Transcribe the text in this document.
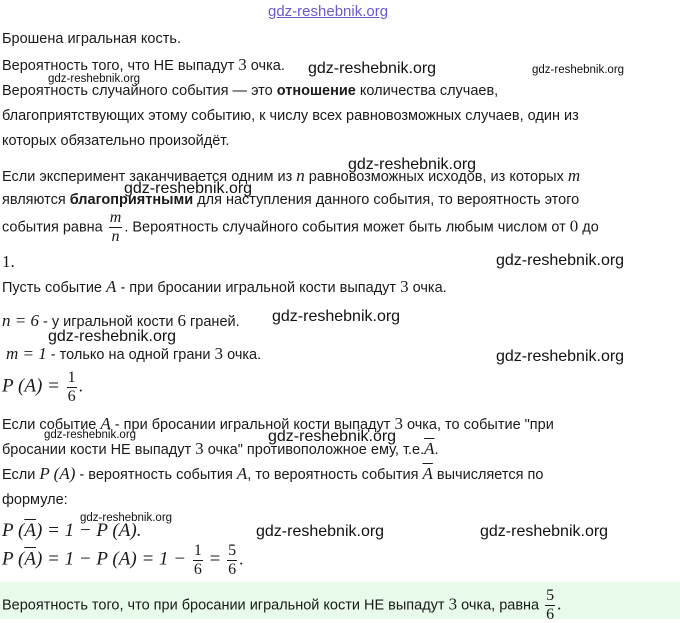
gdz-reshebnik.org
gdz-reshebnik.org	gdz-reshebnik.org
gdz-reshebnik.org
gdz-reshebnik.org
gdz-reshebnik.org
gdz-reshebnik.org
gdz-reshebnik.org
gdz-reshebnik.org
gdz-reshebnik.org
gdz-reshebnik.org	gdz-reshebnik.org
gdz-reshebnik.org
gdz-reshebnik.org	gdz-reshebnik.org
Брошена игральная кость.
Вероятность того, что НЕ выпадут 3 очка.
Вероятность случайного события — это отношение количества случаев,
благоприятствующих этому событию, к числу всех равновозможных случаев, один из
которых обязательно произойдёт.
Если эксперимент заканчивается одним из n равновозможных исходов, из которых m
являются благоприятными для наступления данного события, то вероятность этого
события равна $\frac{m}{n}$ . Вероятность случайного события может быть любым числом от 0 до
1.
Пусть событие A - при бросании игральной кости выпадут 3 очка.
n = 6 - у игральной кости 6 граней.
m = 1 - только на одной грани 3 очка.
P $(A) = \frac{1}{6}$ .
Если событие A - при бросании игральной кости выпадут 3 очка, то событие "при
бросании кости НЕ выпадут 3 очка" противоположное ему, $т.е.\overline{A}$.
Если P (A) - вероятность события A, то вероятность события $\overline{A}$ вычисляется по
формуле:
P $(\overline{A}) = 1 - P$ (A).
P $(\overline{A}) = 1 - P$ $(A) = 1 - \frac{1}{6} = \frac{5}{6}$ .
Вероятность того, что при бросании игральной кости НЕ выпадут 3 очка, равна $\frac{5}{6}$ .
